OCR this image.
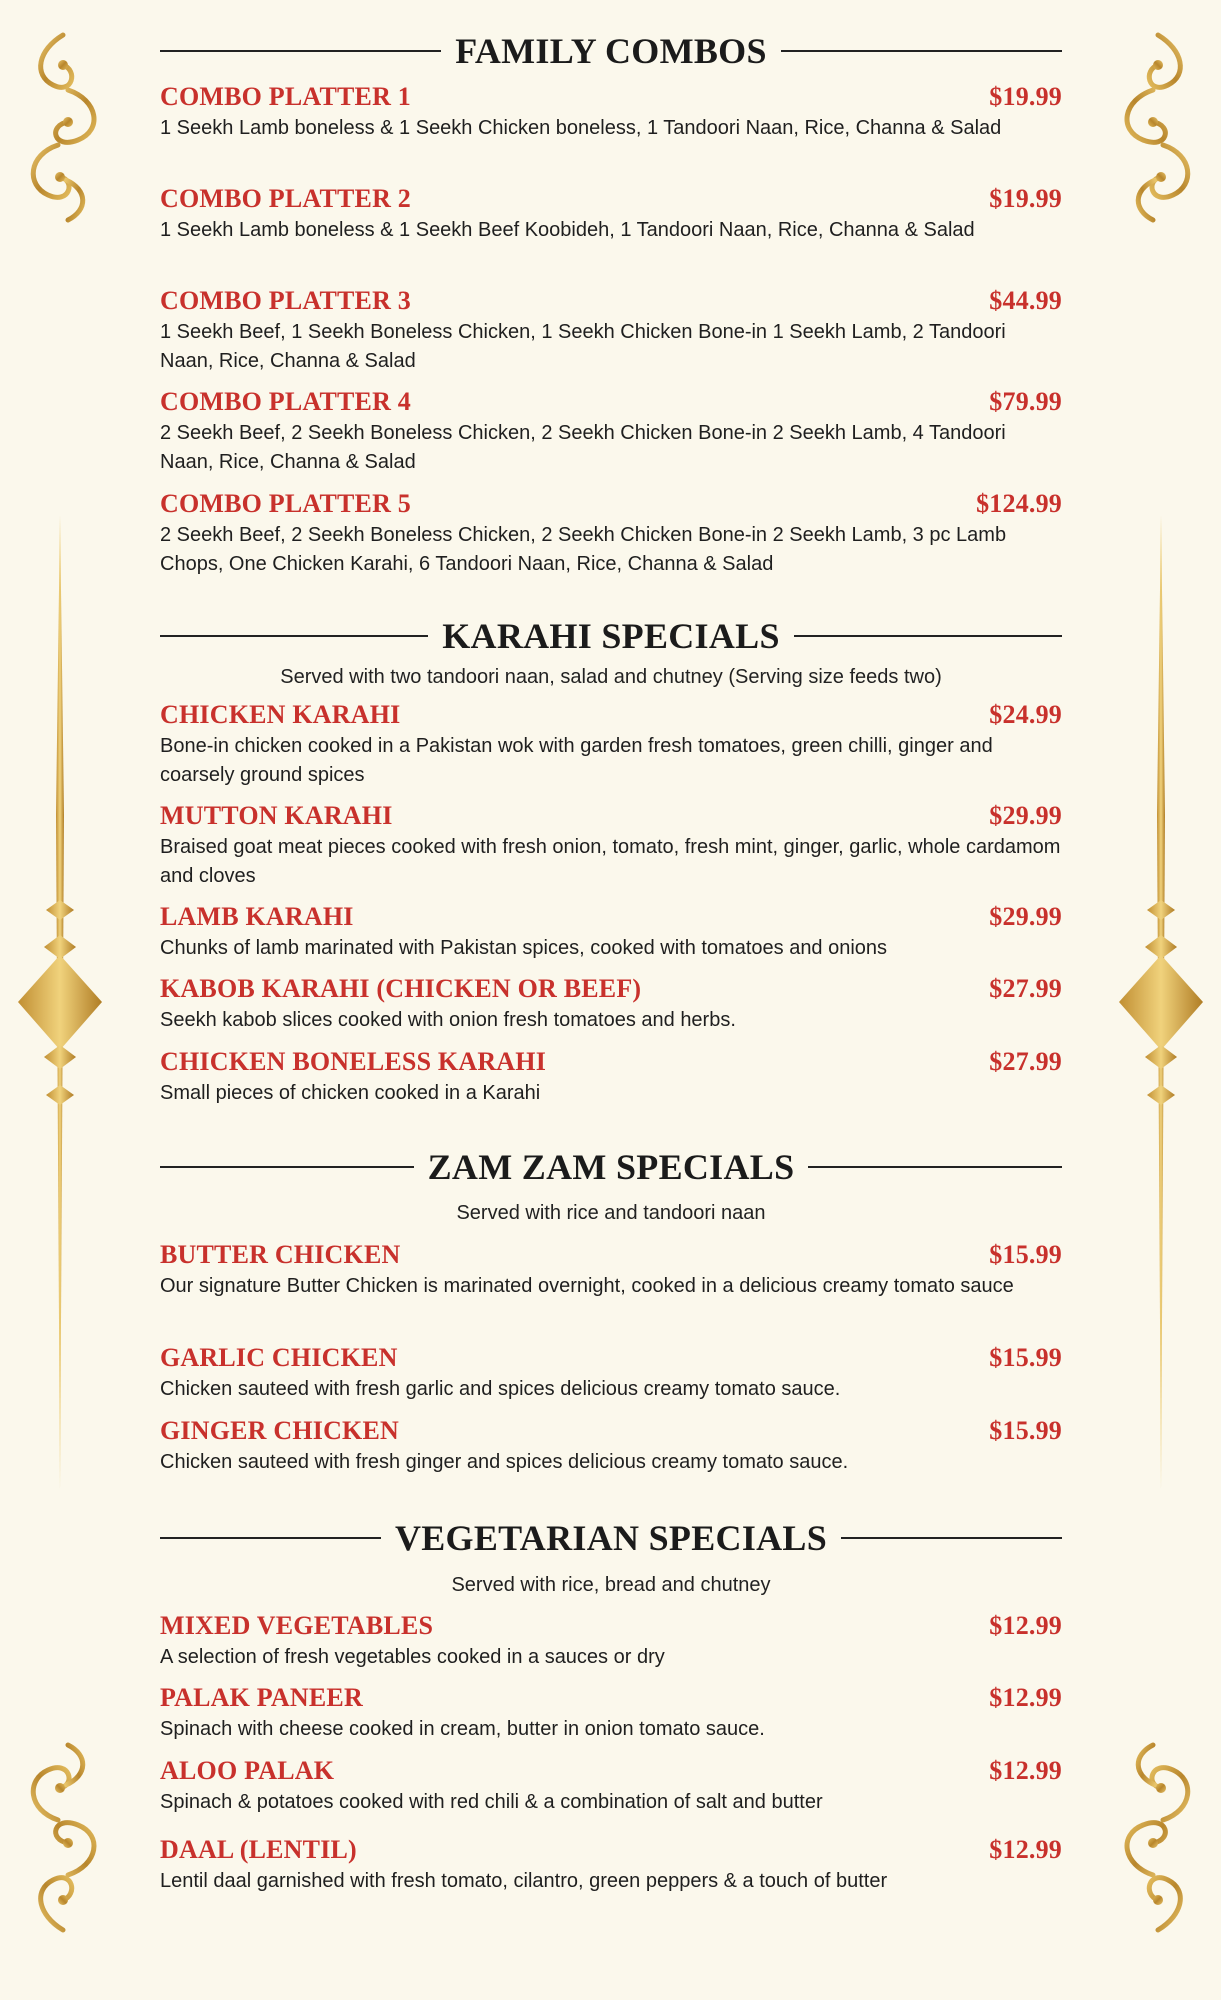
FAMILY COMBOS
COMBO PLATTER 1	$19.99
1 Seekh Lamb boneless & 1 Seekh Chicken boneless, 1 Tandoori Naan, Rice, Channa & Salad
COMBO PLATTER 2	$19.99
1 Seekh Lamb boneless & 1 Seekh Beef Koobideh, 1 Tandoori Naan, Rice, Channa & Salad
COMBO PLATTER 3	$44.99
1 Seekh Beef, 1 Seekh Boneless Chicken, 1 Seekh Chicken Bone-in 1 Seekh Lamb, 2 Tandoori Naan, Rice, Channa & Salad
COMBO PLATTER 4	$79.99
2 Seekh Beef, 2 Seekh Boneless Chicken, 2 Seekh Chicken Bone-in 2 Seekh Lamb, 4 Tandoori Naan, Rice, Channa & Salad
COMBO PLATTER 5	$124.99
2 Seekh Beef, 2 Seekh Boneless Chicken, 2 Seekh Chicken Bone-in 2 Seekh Lamb, 3 pc Lamb Chops, One Chicken Karahi, 6 Tandoori Naan, Rice, Channa & Salad
KARAHI SPECIALS
Served with two tandoori naan, salad and chutney (Serving size feeds two)
CHICKEN KARAHI	$24.99
Bone-in chicken cooked in a Pakistan wok with garden fresh tomatoes, green chilli, ginger and coarsely ground spices
MUTTON KARAHI	$29.99
Braised goat meat pieces cooked with fresh onion, tomato, fresh mint, ginger, garlic, whole cardamom and cloves
LAMB KARAHI	$29.99
Chunks of lamb marinated with Pakistan spices, cooked with tomatoes and onions
KABOB KARAHI (CHICKEN OR BEEF)	$27.99
Seekh kabob slices cooked with onion fresh tomatoes and herbs.
CHICKEN BONELESS KARAHI	$27.99
Small pieces of chicken cooked in a Karahi
ZAM ZAM SPECIALS
Served with rice and tandoori naan
BUTTER CHICKEN	$15.99
Our signature Butter Chicken is marinated overnight, cooked in a delicious creamy tomato sauce
GARLIC CHICKEN	$15.99
Chicken sauteed with fresh garlic and spices delicious creamy tomato sauce.
GINGER CHICKEN	$15.99
Chicken sauteed with fresh ginger and spices delicious creamy tomato sauce.
VEGETARIAN SPECIALS
Served with rice, bread and chutney
MIXED VEGETABLES	$12.99
A selection of fresh vegetables cooked in a sauces or dry
PALAK PANEER	$12.99
Spinach with cheese cooked in cream, butter in onion tomato sauce.
ALOO PALAK	$12.99
Spinach & potatoes cooked with red chili & a combination of salt and butter
DAAL (LENTIL)	$12.99
Lentil daal garnished with fresh tomato, cilantro, green peppers & a touch of butter
